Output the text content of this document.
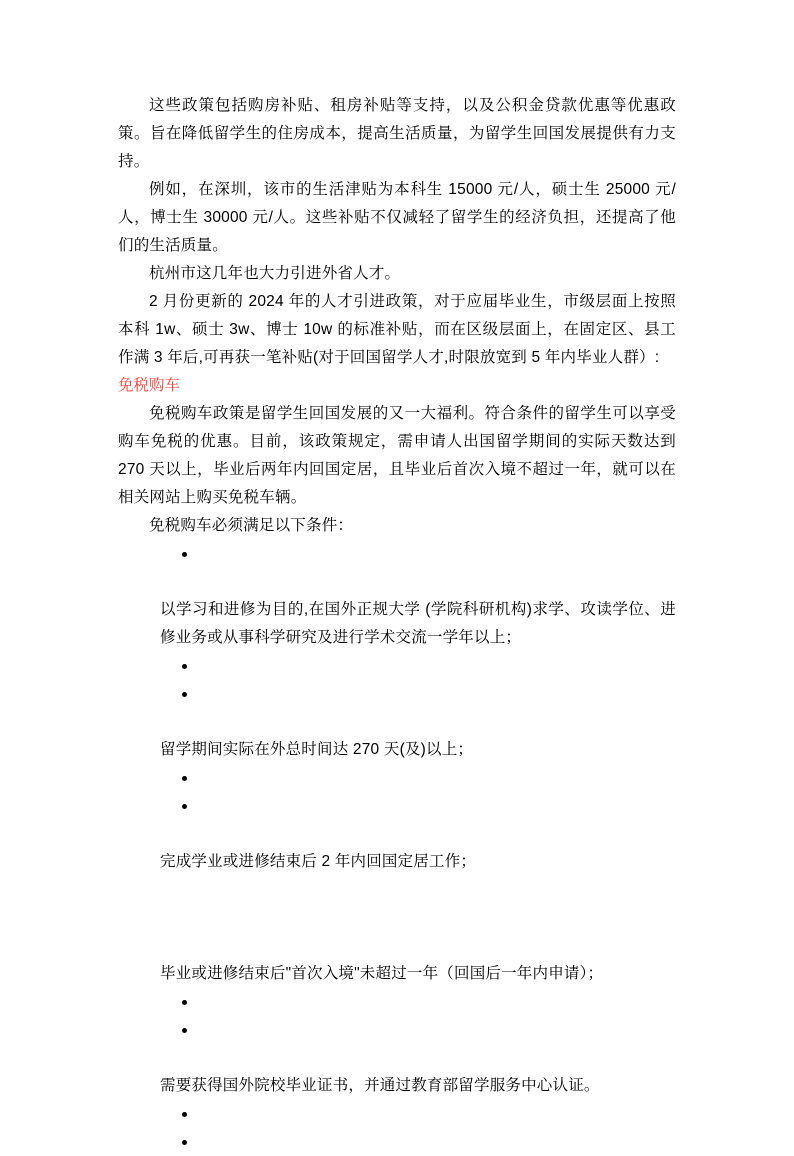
这些政策包括购房补贴、租房补贴等支持，以及公积金贷款优惠等优惠政策。旨在降低留学生的住房成本，提高生活质量，为留学生回国发展提供有力支持。

例如，在深圳，该市的生活津贴为本科生 15000 元/人，硕士生 25000 元/人，博士生 30000 元/人。这些补贴不仅减轻了留学生的经济负担，还提高了他们的生活质量。

杭州市这几年也大力引进外省人才。

2 月份更新的 2024 年的人才引进政策，对于应届毕业生，市级层面上按照本科 1w、硕士 3w、博士 10w 的标准补贴，而在区级层面上，在固定区、县工作满 3 年后,可再获一笔补贴(对于回国留学人才,时限放宽到 5 年内毕业人群）:

免税购车

免税购车政策是留学生回国发展的又一大福利。符合条件的留学生可以享受购车免税的优惠。目前，该政策规定，需申请人出国留学期间的实际天数达到 270 天以上，毕业后两年内回国定居，且毕业后首次入境不超过一年，就可以在相关网站上购买免税车辆。

免税购车必须满足以下条件：

以学习和进修为目的,在国外正规大学 (学院科研机构)求学、攻读学位、进修业务或从事科学研究及进行学术交流一学年以上；

留学期间实际在外总时间达 270 天(及)以上；

完成学业或进修结束后 2 年内回国定居工作；

毕业或进修结束后"首次入境"未超过一年（回国后一年内申请）；

需要获得国外院校毕业证书，并通过教育部留学服务中心认证。
